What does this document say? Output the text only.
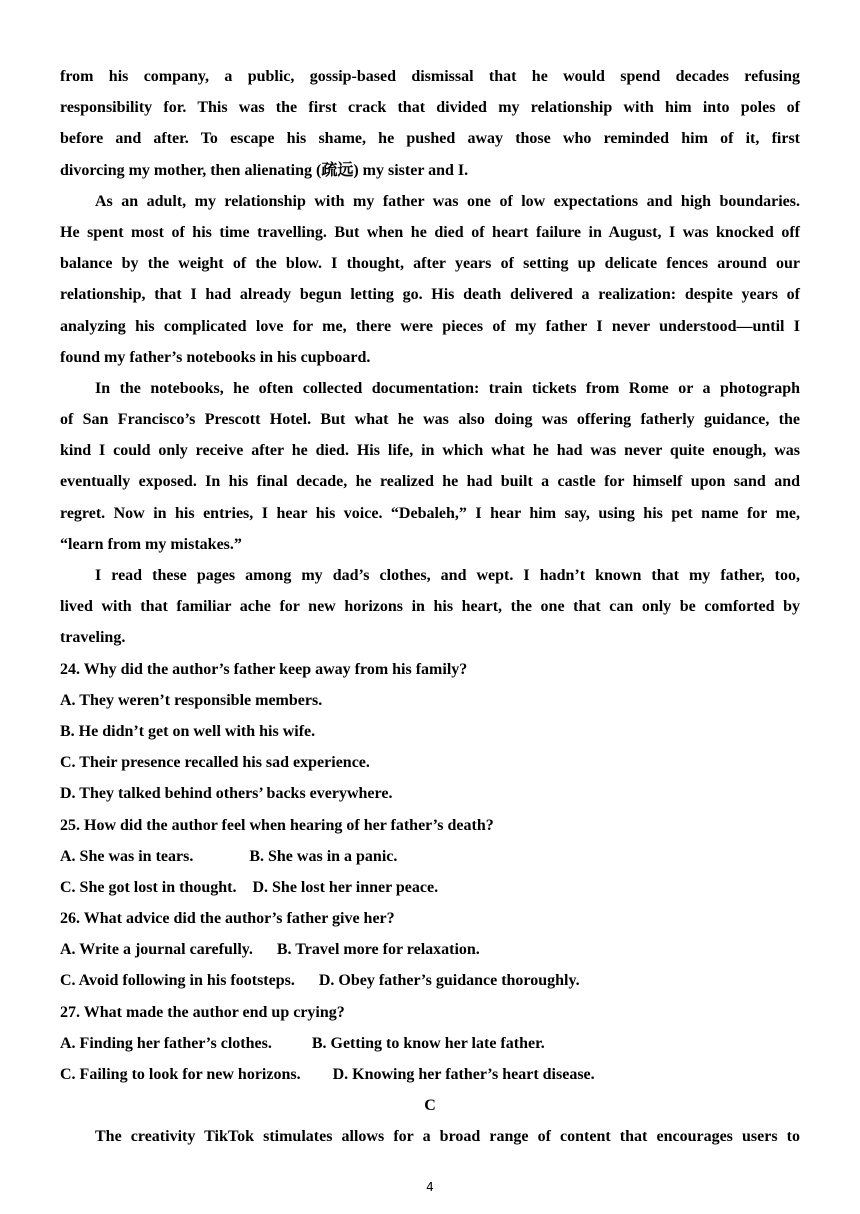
from his company, a public, gossip-based dismissal that he would spend decades refusing
responsibility for. This was the first crack that divided my relationship with him into poles of
before and after. To escape his shame, he pushed away those who reminded him of it, first
divorcing my mother, then alienating (疏远) my sister and I.
As an adult, my relationship with my father was one of low expectations and high boundaries.
He spent most of his time travelling. But when he died of heart failure in August, I was knocked off
balance by the weight of the blow. I thought, after years of setting up delicate fences around our
relationship, that I had already begun letting go. His death delivered a realization: despite years of
analyzing his complicated love for me, there were pieces of my father I never understood—until I
found my father’s notebooks in his cupboard.
In the notebooks, he often collected documentation: train tickets from Rome or a photograph
of San Francisco’s Prescott Hotel. But what he was also doing was offering fatherly guidance, the
kind I could only receive after he died. His life, in which what he had was never quite enough, was
eventually exposed. In his final decade, he realized he had built a castle for himself upon sand and
regret. Now in his entries, I hear his voice. “Debaleh,” I hear him say, using his pet name for me,
“learn from my mistakes.”
I read these pages among my dad’s clothes, and wept. I hadn’t known that my father, too,
lived with that familiar ache for new horizons in his heart, the one that can only be comforted by
traveling.
24. Why did the author’s father keep away from his family?
A. They weren’t responsible members.
B. He didn’t get on well with his wife.
C. Their presence recalled his sad experience.
D. They talked behind others’ backs everywhere.
25. How did the author feel when hearing of her father’s death?
A. She was in tears.              B. She was in a panic.
C. She got lost in thought.    D. She lost her inner peace.
26. What advice did the author’s father give her?
A. Write a journal carefully.      B. Travel more for relaxation.
C. Avoid following in his footsteps.      D. Obey father’s guidance thoroughly.
27. What made the author end up crying?
A. Finding her father’s clothes.          B. Getting to know her late father.
C. Failing to look for new horizons.        D. Knowing her father’s heart disease.
C
The creativity TikTok stimulates allows for a broad range of content that encourages users to
4
